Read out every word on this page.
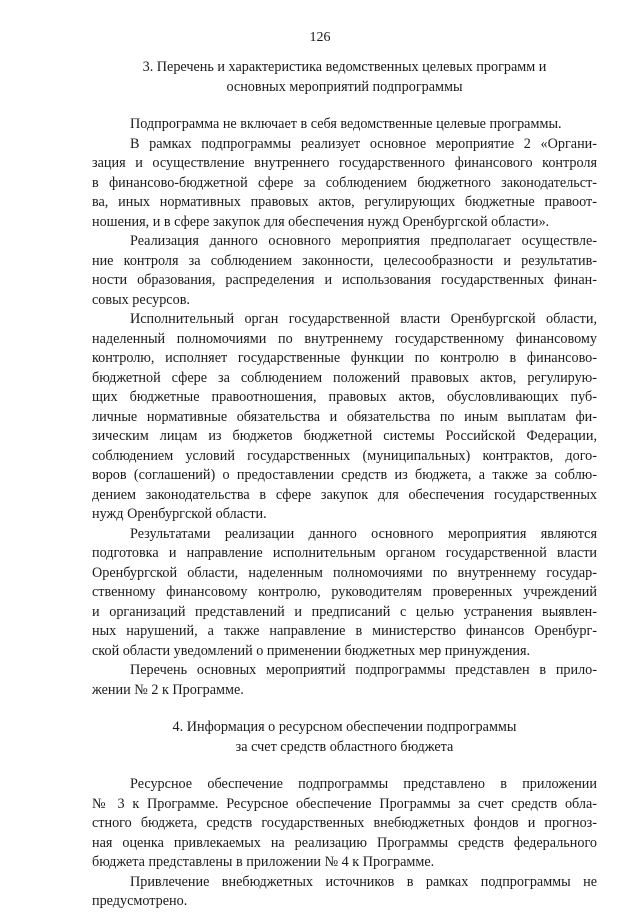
126
3. Перечень и характеристика ведомственных целевых программ и
основных мероприятий подпрограммы
Подпрограмма не включает в себя ведомственные целевые программы.
В рамках подпрограммы реализует основное мероприятие 2 «Органи-
зация и осуществление внутреннего государственного финансового контроля
в финансово-бюджетной сфере за соблюдением бюджетного законодательст-
ва, иных нормативных правовых актов, регулирующих бюджетные правоот-
ношения, и в сфере закупок для обеспечения нужд Оренбургской области».
Реализация данного основного мероприятия предполагает осуществле-
ние контроля за соблюдением законности, целесообразности и результатив-
ности образования, распределения и использования государственных финан-
совых ресурсов.
Исполнительный орган государственной власти Оренбургской области,
наделенный полномочиями по внутреннему государственному финансовому
контролю, исполняет государственные функции по контролю в финансово-
бюджетной сфере за соблюдением положений правовых актов, регулирую-
щих бюджетные правоотношения, правовых актов, обусловливающих пуб-
личные нормативные обязательства и обязательства по иным выплатам фи-
зическим лицам из бюджетов бюджетной системы Российской Федерации,
соблюдением условий государственных (муниципальных) контрактов, дого-
воров (соглашений) о предоставлении средств из бюджета, а также за соблю-
дением законодательства в сфере закупок для обеспечения государственных
нужд Оренбургской области.
Результатами реализации данного основного мероприятия являются
подготовка и направление исполнительным органом государственной власти
Оренбургской области, наделенным полномочиями по внутреннему государ-
ственному финансовому контролю, руководителям проверенных учреждений
и организаций представлений и предписаний с целью устранения выявлен-
ных нарушений, а также направление в министерство финансов Оренбург-
ской области уведомлений о применении бюджетных мер принуждения.
Перечень основных мероприятий подпрограммы представлен в прило-
жении № 2 к Программе.
4. Информация о ресурсном обеспечении подпрограммы
за счет средств областного бюджета
Ресурсное обеспечение подпрограммы представлено в приложении
№ 3 к Программе. Ресурсное обеспечение Программы за счет средств обла-
стного бюджета, средств государственных внебюджетных фондов и прогноз-
ная оценка привлекаемых на реализацию Программы средств федерального
бюджета представлены в приложении № 4 к Программе.
Привлечение внебюджетных источников в рамках подпрограммы не
предусмотрено.
